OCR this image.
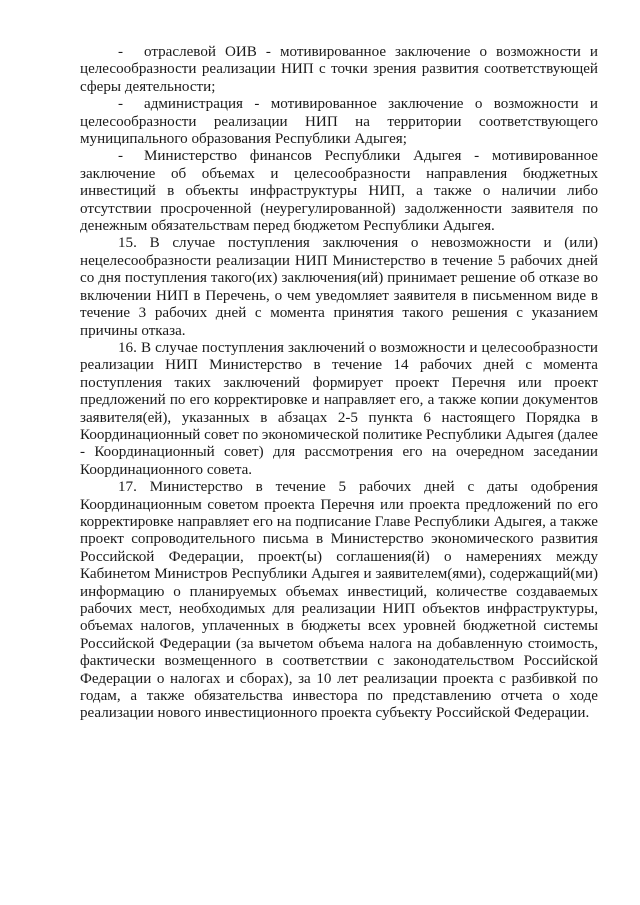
- отраслевой ОИВ - мотивированное заключение о возможности и целесообразности реализации НИП с точки зрения развития соответствующей сферы деятельности;

- администрация - мотивированное заключение о возможности и целесообразности реализации НИП на территории соответствующего муниципального образования Республики Адыгея;

- Министерство финансов Республики Адыгея - мотивированное заключение об объемах и целесообразности направления бюджетных инвестиций в объекты инфраструктуры НИП, а также о наличии либо отсутствии просроченной (неурегулированной) задолженности заявителя по денежным обязательствам перед бюджетом Республики Адыгея.

15. В случае поступления заключения о невозможности и (или) нецелесообразности реализации НИП Министерство в течение 5 рабочих дней со дня поступления такого(их) заключения(ий) принимает решение об отказе во включении НИП в Перечень, о чем уведомляет заявителя в письменном виде в течение 3 рабочих дней с момента принятия такого решения с указанием причины отказа.

16. В случае поступления заключений о возможности и целесообразности реализации НИП Министерство в течение 14 рабочих дней с момента поступления таких заключений формирует проект Перечня или проект предложений по его корректировке и направляет его, а также копии документов заявителя(ей), указанных в абзацах 2-5 пункта 6 настоящего Порядка в Координационный совет по экономической политике Республики Адыгея (далее - Координационный совет) для рассмотрения его на очередном заседании Координационного совета.

17. Министерство в течение 5 рабочих дней с даты одобрения Координационным советом проекта Перечня или проекта предложений по его корректировке направляет его на подписание Главе Республики Адыгея, а также проект сопроводительного письма в Министерство экономического развития Российской Федерации, проект(ы) соглашения(й) о намерениях между Кабинетом Министров Республики Адыгея и заявителем(ями), содержащий(ми) информацию о планируемых объемах инвестиций, количестве создаваемых рабочих мест, необходимых для реализации НИП объектов инфраструктуры, объемах налогов, уплаченных в бюджеты всех уровней бюджетной системы Российской Федерации (за вычетом объема налога на добавленную стоимость, фактически возмещенного в соответствии с законодательством Российской Федерации о налогах и сборах), за 10 лет реализации проекта с разбивкой по годам, а также обязательства инвестора по представлению отчета о ходе реализации нового инвестиционного проекта субъекту Российской Федерации.
